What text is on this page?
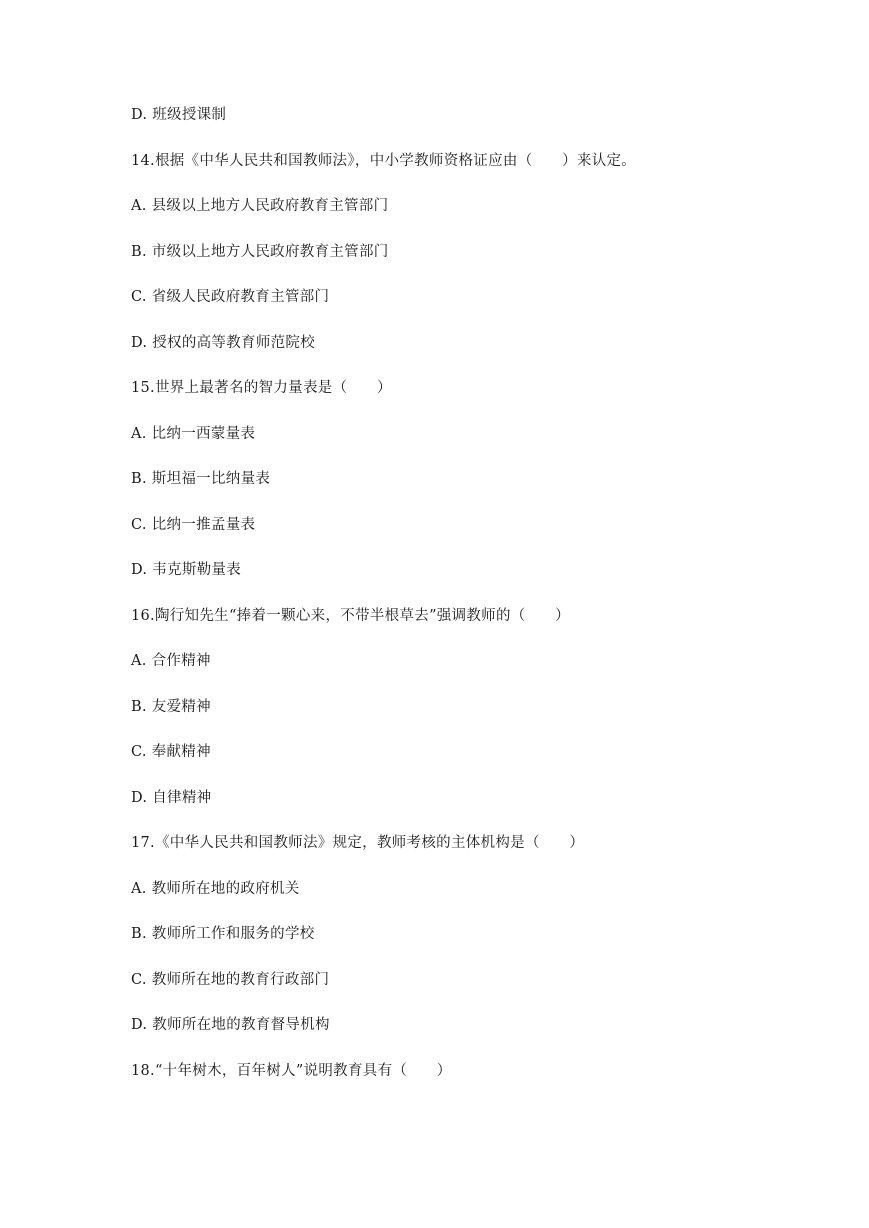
D. 班级授课制
14.根据《中华人民共和国教师法》，中小学教师资格证应由（　　）来认定。
A. 县级以上地方人民政府教育主管部门
B. 市级以上地方人民政府教育主管部门
C. 省级人民政府教育主管部门
D. 授权的高等教育师范院校
15.世界上最著名的智力量表是（　　）
A. 比纳一西蒙量表
B. 斯坦福一比纳量表
C. 比纳一推孟量表
D. 韦克斯勒量表
16.陶行知先生“捧着一颗心来，不带半根草去”强调教师的（　　）
A. 合作精神
B. 友爱精神
C. 奉献精神
D. 自律精神
17.《中华人民共和国教师法》规定，教师考核的主体机构是（　　）
A. 教师所在地的政府机关
B. 教师所工作和服务的学校
C. 教师所在地的教育行政部门
D. 教师所在地的教育督导机构
18.“十年树木，百年树人”说明教育具有（　　）
